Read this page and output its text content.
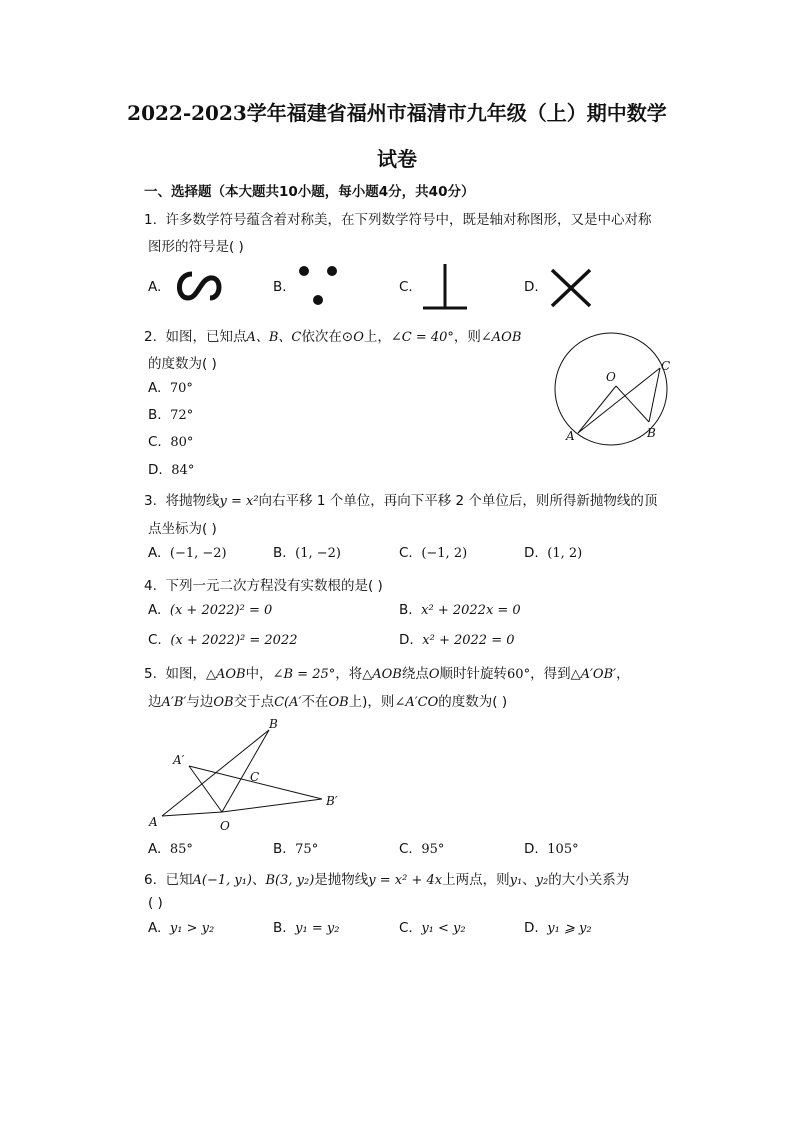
2022-2023学年福建省福州市福清市九年级（上）期中数学
试卷
一、选择题（本大题共10小题，每小题4分，共40分）
1. 许多数学符号蕴含着对称美，在下列数学符号中，既是轴对称图形，又是中心对称
图形的符号是( )
A.	B.	C.	D.
2. 如图，已知点A、B、C依次在⊙O上，∠C = 40°，则∠AOB
的度数为( )
A. 70°
B. 72°
C. 80°
D. 84°
O
A	B
C
3. 将抛物线y = x²向右平移 1 个单位，再向下平移 2 个单位后，则所得新抛物线的顶
点坐标为( )
A. (−1, −2)	B. (1, −2)	C. (−1, 2)	D. (1, 2)
4. 下列一元二次方程没有实数根的是( )
A. (x + 2022)² = 0	B. x² + 2022x = 0
C. (x + 2022)² = 2022	D. x² + 2022 = 0
5. 如图，△AOB中，∠B = 25°，将△AOB绕点O顺时针旋转60°，得到△A′OB′，
边A′B′与边OB交于点C(A′不在OB上)，则∠A′CO的度数为( )
A	O
B
A′
B′
C
A. 85°	B. 75°	C. 95°	D. 105°
6. 已知A(−1, y₁)、B(3, y₂)是抛物线y = x² + 4x上两点，则y₁、y₂的大小关系为
( )
A. y₁ > y₂	B. y₁ = y₂	C. y₁ < y₂	D. y₁ ⩾ y₂
